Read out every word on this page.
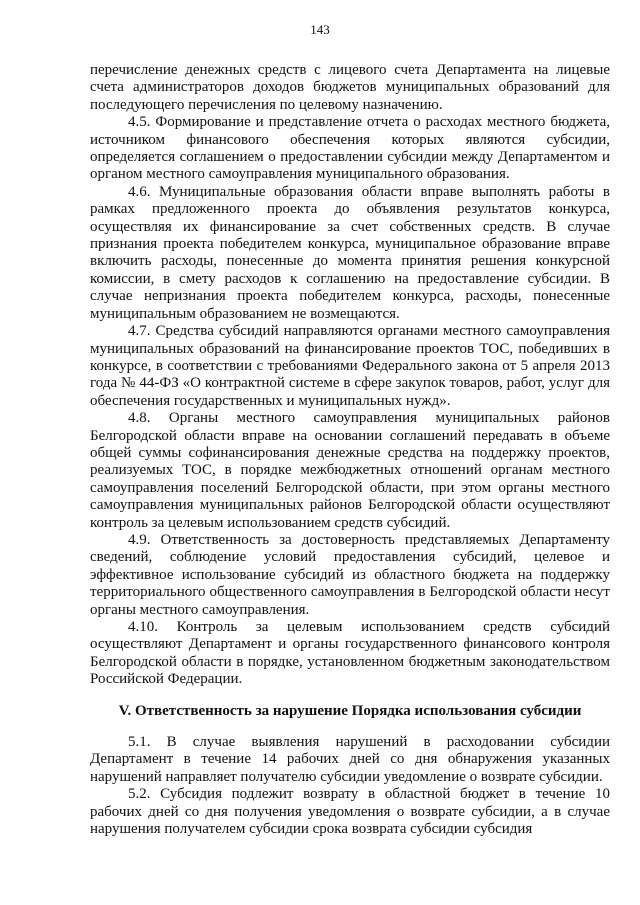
143

перечисление денежных средств с лицевого счета Департамента на лицевые счета администраторов доходов бюджетов муниципальных образований для последующего перечисления по целевому назначению.

4.5. Формирование и представление отчета о расходах местного бюджета, источником финансового обеспечения которых являются субсидии, определяется соглашением о предоставлении субсидии между Департаментом и органом местного самоуправления муниципального образования.

4.6. Муниципальные образования области вправе выполнять работы в рамках предложенного проекта до объявления результатов конкурса, осуществляя их финансирование за счет собственных средств. В случае признания проекта победителем конкурса, муниципальное образование вправе включить расходы, понесенные до момента принятия решения конкурсной комиссии, в смету расходов к соглашению на предоставление субсидии. В случае непризнания проекта победителем конкурса, расходы, понесенные муниципальным образованием не возмещаются.

4.7. Средства субсидий направляются органами местного самоуправления муниципальных образований на финансирование проектов ТОС, победивших в конкурсе, в соответствии с требованиями Федерального закона от 5 апреля 2013 года № 44-ФЗ «О контрактной системе в сфере закупок товаров, работ, услуг для обеспечения государственных и муниципальных нужд».

4.8. Органы местного самоуправления муниципальных районов Белгородской области вправе на основании соглашений передавать в объеме общей суммы софинансирования денежные средства на поддержку проектов, реализуемых ТОС, в порядке межбюджетных отношений органам местного самоуправления поселений Белгородской области, при этом органы местного самоуправления муниципальных районов Белгородской области осуществляют контроль за целевым использованием средств субсидий.

4.9. Ответственность за достоверность представляемых Департаменту сведений, соблюдение условий предоставления субсидий, целевое и эффективное использование субсидий из областного бюджета на поддержку территориального общественного самоуправления в Белгородской области несут органы местного самоуправления.

4.10. Контроль за целевым использованием средств субсидий осуществляют Департамент и органы государственного финансового контроля Белгородской области в порядке, установленном бюджетным законодательством Российской Федерации.

V. Ответственность за нарушение Порядка использования субсидии

5.1. В случае выявления нарушений в расходовании субсидии Департамент в течение 14 рабочих дней со дня обнаружения указанных нарушений направляет получателю субсидии уведомление о возврате субсидии.

5.2. Субсидия подлежит возврату в областной бюджет в течение 10 рабочих дней со дня получения уведомления о возврате субсидии, а в случае нарушения получателем субсидии срока возврата субсидии субсидия
